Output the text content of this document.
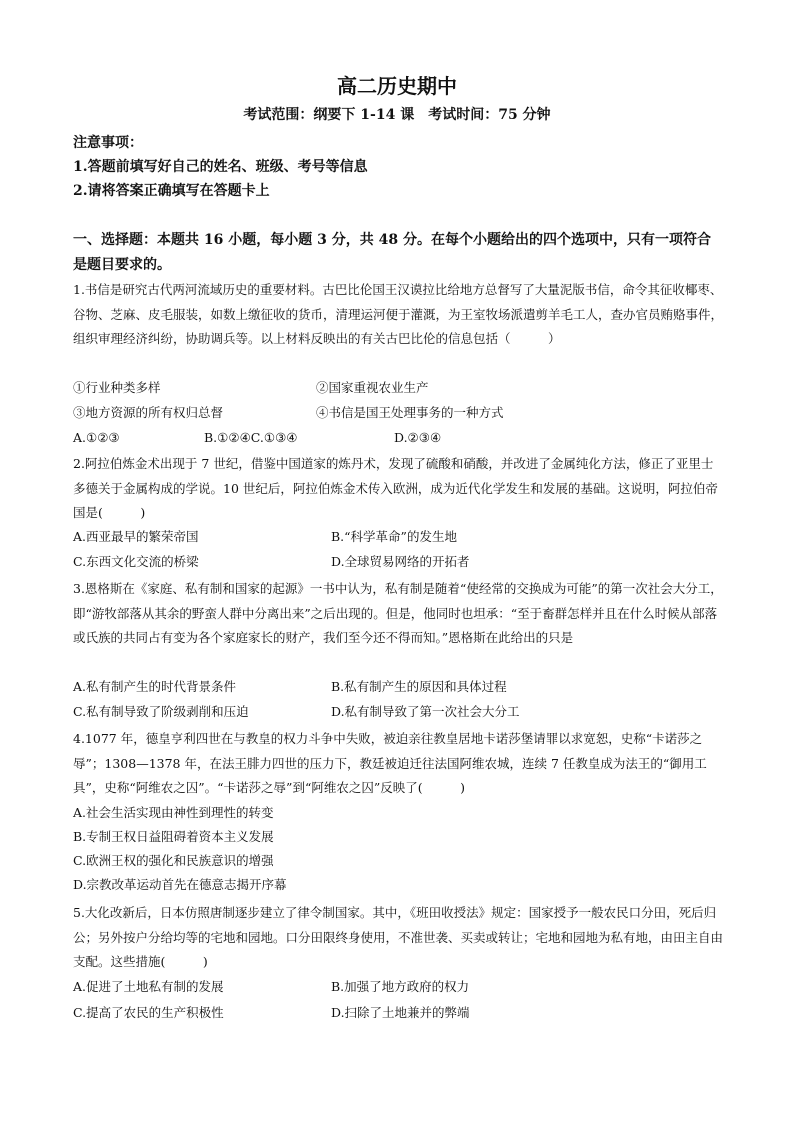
高二历史期中
考试范围：纲要下 1-14 课　考试时间：75 分钟
注意事项：
1.答题前填写好自己的姓名、班级、考号等信息
2.请将答案正确填写在答题卡上
一、选择题：本题共 16 小题，每小题 3 分，共 48 分。在每个小题给出的四个选项中，只有一项符合是题目要求的。
1.书信是研究古代两河流域历史的重要材料。古巴比伦国王汉谟拉比给地方总督写了大量泥版书信，命令其征收椰枣、谷物、芝麻、皮毛服装，如数上缴征收的货币，清理运河便于灌溉，为王室牧场派遣剪羊毛工人，查办官员贿赂事件，组织审理经济纠纷，协助调兵等。以上材料反映出的有关古巴比伦的信息包括（　　　）
①行业种类多样	②国家重视农业生产
③地方资源的所有权归总督	④书信是国王处理事务的一种方式
A.①②③	B.①②④C.①③④	D.②③④
2.阿拉伯炼金术出现于 7 世纪，借鉴中国道家的炼丹术，发现了硫酸和硝酸，并改进了金属纯化方法，修正了亚里士多德关于金属构成的学说。10 世纪后，阿拉伯炼金术传入欧洲，成为近代化学发生和发展的基础。这说明，阿拉伯帝国是(　　　)
A.西亚最早的繁荣帝国	B.“科学革命”的发生地
C.东西文化交流的桥梁	D.全球贸易网络的开拓者
3.恩格斯在《家庭、私有制和国家的起源》一书中认为，私有制是随着“使经常的交换成为可能”的第一次社会大分工，即“游牧部落从其余的野蛮人群中分离出来”之后出现的。但是，他同时也坦承：“至于畜群怎样并且在什么时候从部落或氏族的共同占有变为各个家庭家长的财产，我们至今还不得而知。”恩格斯在此给出的只是
A.私有制产生的时代背景条件	B.私有制产生的原因和具体过程
C.私有制导致了阶级剥削和压迫	D.私有制导致了第一次社会大分工
4.1077 年，德皇亨利四世在与教皇的权力斗争中失败，被迫亲往教皇居地卡诺莎堡请罪以求宽恕，史称“卡诺莎之辱”；1308—1378 年，在法王腓力四世的压力下，教廷被迫迁往法国阿维农城，连续 7 任教皇成为法王的“御用工具”，史称“阿维农之囚”。“卡诺莎之辱”到“阿维农之囚”反映了(　　　)
A.社会生活实现由神性到理性的转变
B.专制王权日益阻碍着资本主义发展
C.欧洲王权的强化和民族意识的增强
D.宗教改革运动首先在德意志揭开序幕
5.大化改新后，日本仿照唐制逐步建立了律令制国家。其中，《班田收授法》规定：国家授予一般农民口分田，死后归公；另外按户分给均等的宅地和园地。口分田限终身使用，不准世袭、买卖或转让；宅地和园地为私有地，由田主自由支配。这些措施(　　　)
A.促进了土地私有制的发展	B.加强了地方政府的权力
C.提高了农民的生产积极性	D.扫除了土地兼并的弊端
